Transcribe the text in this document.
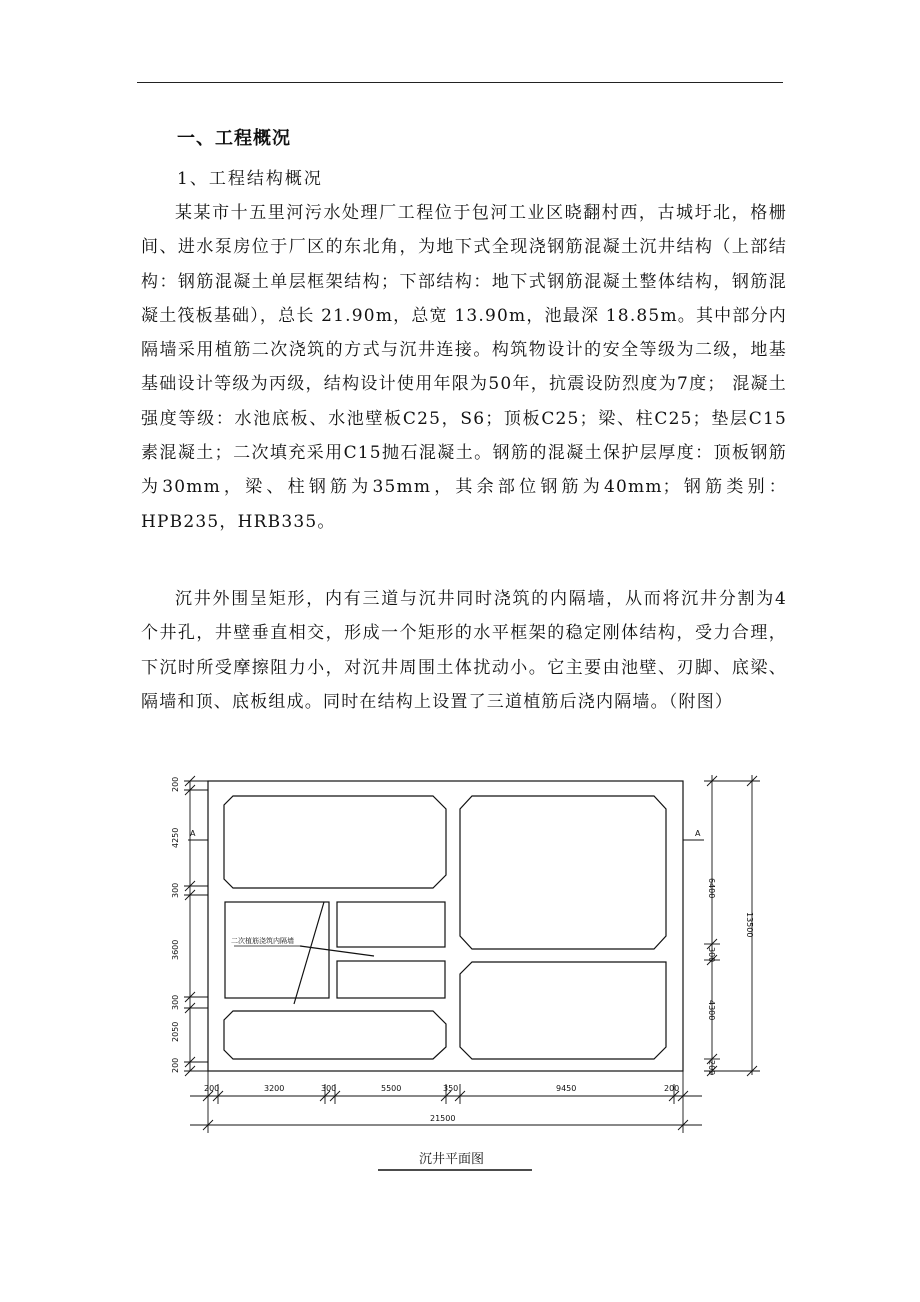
一、工程概况
1、工程结构概况

某某市十五里河污水处理厂工程位于包河工业区晓翻村西，古城圩北，格栅间、进水泵房位于厂区的东北角，为地下式全现浇钢筋混凝土沉井结构（上部结构：钢筋混凝土单层框架结构；下部结构：地下式钢筋混凝土整体结构，钢筋混凝土筏板基础），总长 21.90m，总宽 13.90m，池最深 18.85m。其中部分内隔墙采用植筋二次浇筑的方式与沉井连接。构筑物设计的安全等级为二级，地基基础设计等级为丙级，结构设计使用年限为50年，抗震设防烈度为7度； 混凝土强度等级：水池底板、水池壁板C25，S6；顶板C25；梁、柱C25；垫层C15素混凝土；二次填充采用C15抛石混凝土。钢筋的混凝土保护层厚度：顶板钢筋为30mm，梁、柱钢筋为35mm，其余部位钢筋为40mm；钢筋类别：HPB235，HRB335。

沉井外围呈矩形，内有三道与沉井同时浇筑的内隔墙，从而将沉井分割为4个井孔，井壁垂直相交，形成一个矩形的水平框架的稳定刚体结构，受力合理，下沉时所受摩擦阻力小，对沉井周围土体扰动小。它主要由池壁、刃脚、底梁、隔墙和顶、底板组成。同时在结构上设置了三道植筋后浇内隔墙。（附图）

二次植筋浇筑内隔墙
A	A
200
4250
300
3600
300
2050
200
6400
300
4300
200
13500
200	3200	300	5500	350	9450	200
21500
沉井平面图
